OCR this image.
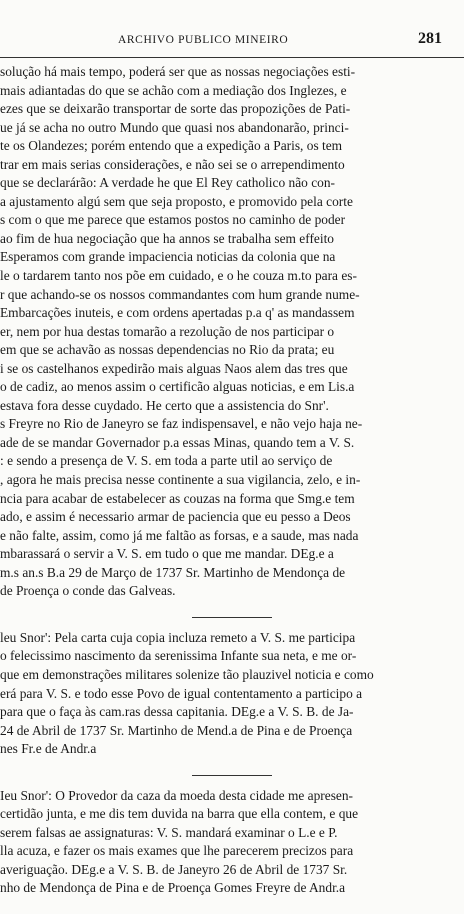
ARCHIVO PUBLICO MINEIRO	281
solução há mais tempo, poderá ser que as nossas negociações esti-
mais adiantadas do que se achão com a mediação dos Inglezes, e
ezes que se deixarão transportar de sorte das propozições de Pati-
ue já se acha no outro Mundo que quasi nos abandonarão, princi-
te os Olandezes; porém entendo que a expedição a Paris, os tem
trar em mais serias considerações, e não sei se o arrependimento
que se declarárão: A verdade he que El Rey catholico não con-
a ajustamento algú sem que seja proposto, e promovido pela corte
s com o que me parece que estamos postos no caminho de poder
ao fim de hua negociação que ha annos se trabalha sem effeito
Esperamos com grande impaciencia noticias da colonia que na
le o tardarem tanto nos põe em cuidado, e o he couza m.to para es-
r que achando-se os nossos commandantes com hum grande nume-
Embarcações inuteis, e com ordens apertadas p.a q' as mandassem
er, nem por hua destas tomarão a rezolução de nos participar o
em que se achavão as nossas dependencias no Rio da prata; eu
i se os castelhanos expedirão mais alguas Naos alem das tres que
o de cadiz, ao menos assim o certificão alguas noticias, e em Lis.a
estava fora desse cuydado. He certo que a assistencia do Snr'.
s Freyre no Rio de Janeyro se faz indispensavel, e não vejo haja ne-
ade de se mandar Governador p.a essas Minas, quando tem a V. S.
: e sendo a presença de V. S. em toda a parte util ao serviço de
, agora he mais precisa nesse continente a sua vigilancia, zelo, e in-
ncia para acabar de estabelecer as couzas na forma que Smg.e tem
ado, e assim é necessario armar de paciencia que eu pesso a Deos
e não falte, assim, como já me faltão as forsas, e a saude, mas nada
mbarassará o servir a V. S. em tudo o que me mandar. DEg.e a
m.s an.s B.a 29 de Março de 1737 Sr. Martinho de Mendonça de
de Proença o conde das Galveas.
leu Snor': Pela carta cuja copia incluza remeto a V. S. me participa
o felecissimo nascimento da serenissima Infante sua neta, e me or-
que em demonstrações militares solenize tão plauzivel noticia e como
erá para V. S. e todo esse Povo de igual contentamento a participo a
para que o faça às cam.ras dessa capitania. DEg.e a V. S. B. de Ja-
24 de Abril de 1737 Sr. Martinho de Mend.a de Pina e de Proença
nes Fr.e de Andr.a
Ieu Snor': O Provedor da caza da moeda desta cidade me apresen-
certidão junta, e me dis tem duvida na barra que ella contem, e que
serem falsas ae assignaturas: V. S. mandará examinar o L.e e P.
lla acuza, e fazer os mais exames que lhe parecerem precizos para
averiguação. DEg.e a V. S. B. de Janeyro 26 de Abril de 1737 Sr.
nho de Mendonça de Pina e de Proença Gomes Freyre de Andr.a
